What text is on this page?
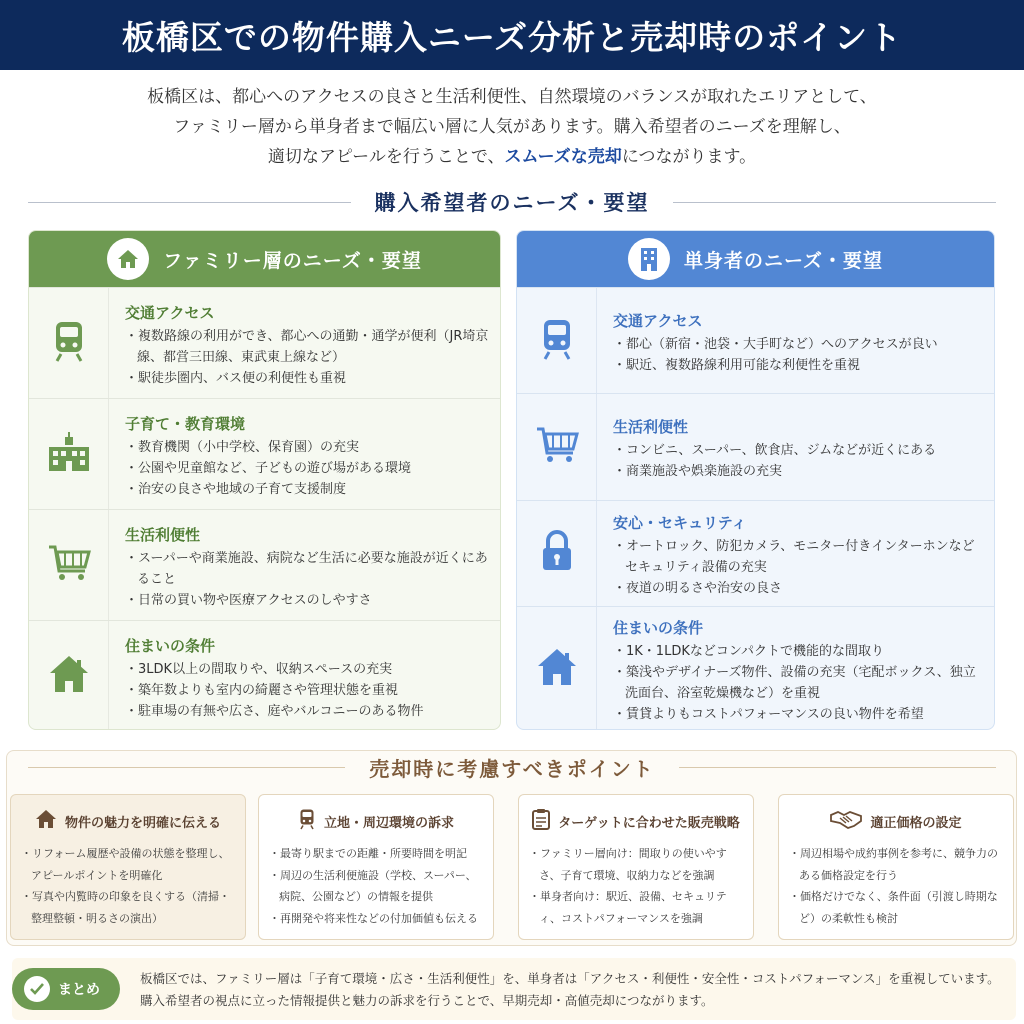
板橋区での物件購入ニーズ分析と売却時のポイント
板橋区は、都心へのアクセスの良さと生活利便性、自然環境のバランスが取れたエリアとして、
ファミリー層から単身者まで幅広い層に人気があります。購入希望者のニーズを理解し、
適切なアピールを行うことで、スムーズな売却につながります。
購入希望者のニーズ・要望
ファミリー層のニーズ・要望
交通アクセス
・ 複数路線の利用ができ、都心への通勤・通学が便利（JR埼京線、都営三田線、東武東上線など）
・ 駅徒歩圏内、バス便の利便性も重視
子育て・教育環境
・ 教育機関（小中学校、保育園）の充実
・ 公園や児童館など、子どもの遊び場がある環境
・ 治安の良さや地域の子育て支援制度
生活利便性
・ スーパーや商業施設、病院など生活に必要な施設が近くにあること
・ 日常の買い物や医療アクセスのしやすさ
住まいの条件
・ 3LDK以上の間取りや、収納スペースの充実
・ 築年数よりも室内の綺麗さや管理状態を重視
・ 駐車場の有無や広さ、庭やバルコニーのある物件
単身者のニーズ・要望
交通アクセス
・ 都心（新宿・池袋・大手町など）へのアクセスが良い
・ 駅近、複数路線利用可能な利便性を重視
生活利便性
・ コンビニ、スーパー、飲食店、ジムなどが近くにある
・ 商業施設や娯楽施設の充実
安心・セキュリティ
・ オートロック、防犯カメラ、モニター付きインターホンなどセキュリティ設備の充実
・ 夜道の明るさや治安の良さ
住まいの条件
・ 1K・1LDKなどコンパクトで機能的な間取り
・ 築浅やデザイナーズ物件、設備の充実（宅配ボックス、独立洗面台、浴室乾燥機など）を重視
・ 賃貸よりもコストパフォーマンスの良い物件を希望
売却時に考慮すべきポイント
物件の魅力を明確に伝える
・ リフォーム履歴や設備の状態を整理し、アピールポイントを明確化
・ 写真や内覧時の印象を良くする（清掃・整理整頓・明るさの演出）
立地・周辺環境の訴求
・ 最寄り駅までの距離・所要時間を明記
・ 周辺の生活利便施設（学校、スーパー、病院、公園など）の情報を提供
・ 再開発や将来性などの付加価値も伝える
ターゲットに合わせた販売戦略
・ ファミリー層向け：間取りの使いやすさ、子育て環境、収納力などを強調
・ 単身者向け：駅近、設備、セキュリティ、コストパフォーマンスを強調
適正価格の設定
・ 周辺相場や成約事例を参考に、競争力のある価格設定を行う
・ 価格だけでなく、条件面（引渡し時期など）の柔軟性も検討
まとめ
板橋区では、ファミリー層は「子育て環境・広さ・生活利便性」を、単身者は「アクセス・利便性・安全性・コストパフォーマンス」を重視しています。
購入希望者の視点に立った情報提供と魅力の訴求を行うことで、早期売却・高値売却につながります。
